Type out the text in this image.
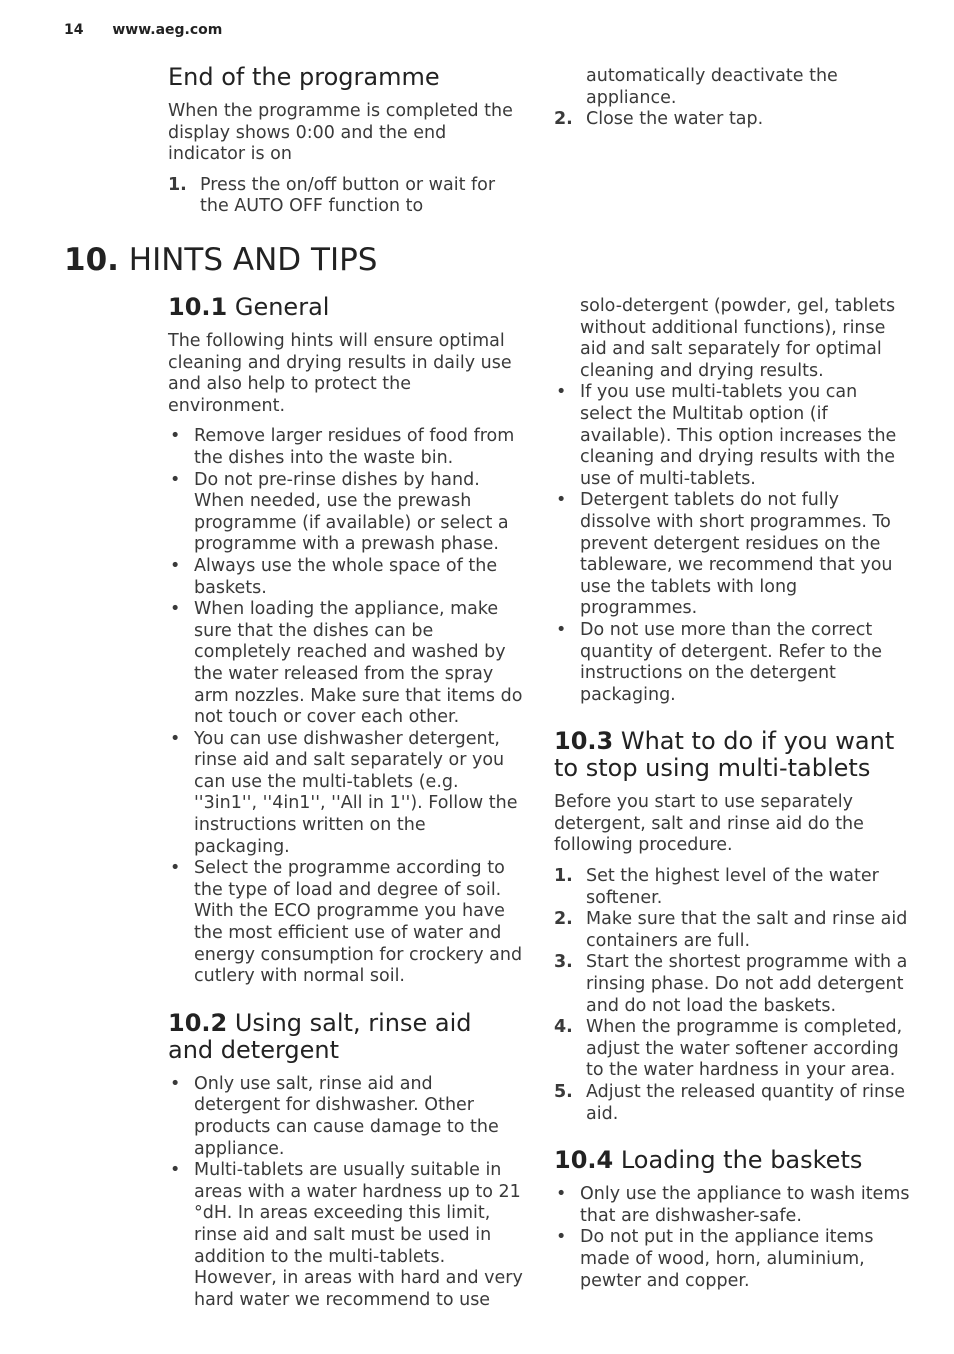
14 www.aeg.com
End of the programme

When the programme is completed the display shows 0:00 and the end indicator is on

1. Press the on/off button or wait for the AUTO OFF function to
automatically deactivate the appliance.
2. Close the water tap.
10. HINTS AND TIPS
10.1 General

The following hints will ensure optimal cleaning and drying results in daily use and also help to protect the environment.

• Remove larger residues of food from the dishes into the waste bin.
• Do not pre-rinse dishes by hand. When needed, use the prewash programme (if available) or select a programme with a prewash phase.
• Always use the whole space of the baskets.
• When loading the appliance, make sure that the dishes can be completely reached and washed by the water released from the spray arm nozzles. Make sure that items do not touch or cover each other.
• You can use dishwasher detergent, rinse aid and salt separately or you can use the multi-tablets (e.g. ''3in1'', ''4in1'', ''All in 1''). Follow the instructions written on the packaging.
• Select the programme according to the type of load and degree of soil. With the ECO programme you have the most efficient use of water and energy consumption for crockery and cutlery with normal soil.
10.2 Using salt, rinse aid and detergent
• Only use salt, rinse aid and detergent for dishwasher. Other products can cause damage to the appliance.
• Multi-tablets are usually suitable in areas with a water hardness up to 21 °dH. In areas exceeding this limit, rinse aid and salt must be used in addition to the multi-tablets. However, in areas with hard and very hard water we recommend to use
solo-detergent (powder, gel, tablets without additional functions), rinse aid and salt separately for optimal cleaning and drying results.
• If you use multi-tablets you can select the Multitab option (if available). This option increases the cleaning and drying results with the use of multi-tablets.
• Detergent tablets do not fully dissolve with short programmes. To prevent detergent residues on the tableware, we recommend that you use the tablets with long programmes.
• Do not use more than the correct quantity of detergent. Refer to the instructions on the detergent packaging.
10.3 What to do if you want to stop using multi-tablets

Before you start to use separately detergent, salt and rinse aid do the following procedure.

1. Set the highest level of the water softener.
2. Make sure that the salt and rinse aid containers are full.
3. Start the shortest programme with a rinsing phase. Do not add detergent and do not load the baskets.
4. When the programme is completed, adjust the water softener according to the water hardness in your area.
5. Adjust the released quantity of rinse aid.
10.4 Loading the baskets
• Only use the appliance to wash items that are dishwasher-safe.
• Do not put in the appliance items made of wood, horn, aluminium, pewter and copper.
